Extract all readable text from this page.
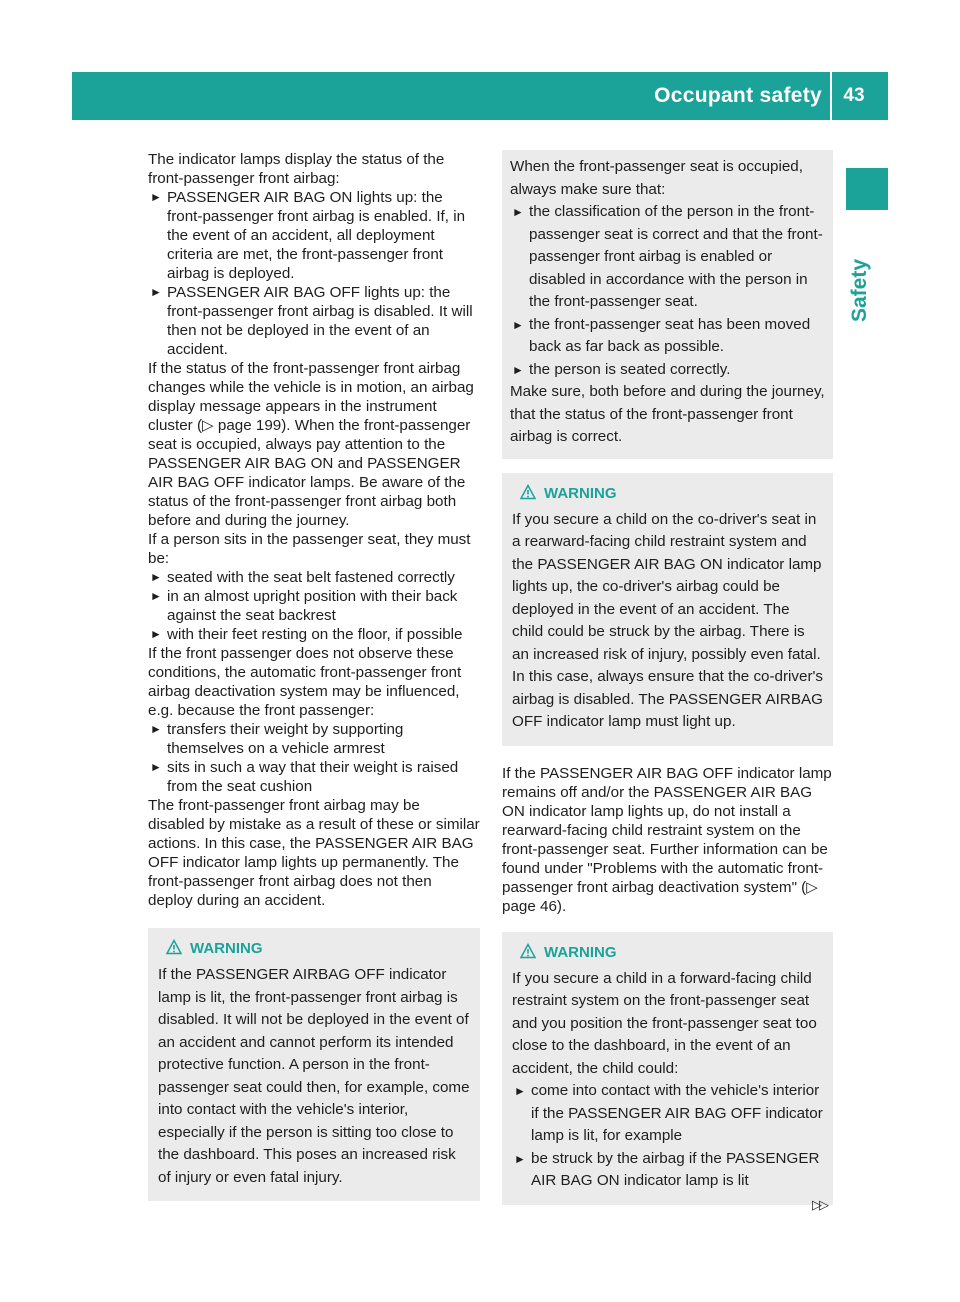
Occupant safety	43
Safety

The indicator lamps display the status of the front-passenger front airbag:

► PASSENGER AIR BAG ON lights up: the front-passenger front airbag is enabled. If, in the event of an accident, all deployment criteria are met, the front-passenger front airbag is deployed.
► PASSENGER AIR BAG OFF lights up: the front-passenger front airbag is disabled. It will then not be deployed in the event of an accident.

If the status of the front-passenger front airbag changes while the vehicle is in motion, an airbag display message appears in the instrument cluster (▷ page 199). When the front-passenger seat is occupied, always pay attention to the PASSENGER AIR BAG ON and PASSENGER AIR BAG OFF indicator lamps. Be aware of the status of the front-passenger front airbag both before and during the journey.

If a person sits in the passenger seat, they must be:

► seated with the seat belt fastened correctly
► in an almost upright position with their back against the seat backrest
► with their feet resting on the floor, if possible

If the front passenger does not observe these conditions, the automatic front-passenger front airbag deactivation system may be influenced, e.g. because the front passenger:

► transfers their weight by supporting themselves on a vehicle armrest
► sits in such a way that their weight is raised from the seat cushion

The front-passenger front airbag may be disabled by mistake as a result of these or similar actions. In this case, the PASSENGER AIR BAG OFF indicator lamp lights up permanently. The front-passenger front airbag does not then deploy during an accident.

WARNING

If the PASSENGER AIRBAG OFF indicator lamp is lit, the front-passenger front airbag is disabled. It will not be deployed in the event of an accident and cannot perform its intended protective function. A person in the front-passenger seat could then, for example, come into contact with the vehicle's interior, especially if the person is sitting too close to the dashboard. This poses an increased risk of injury or even fatal injury.

When the front-passenger seat is occupied, always make sure that:

► the classification of the person in the front-passenger seat is correct and that the front-passenger front airbag is enabled or disabled in accordance with the person in the front-passenger seat.
► the front-passenger seat has been moved back as far back as possible.
► the person is seated correctly.

Make sure, both before and during the journey, that the status of the front-passenger front airbag is correct.

WARNING

If you secure a child on the co-driver's seat in a rearward-facing child restraint system and the PASSENGER AIR BAG ON indicator lamp lights up, the co-driver's airbag could be deployed in the event of an accident. The child could be struck by the airbag. There is an increased risk of injury, possibly even fatal.

In this case, always ensure that the co-driver's airbag is disabled. The PASSENGER AIRBAG OFF indicator lamp must light up.

If the PASSENGER AIR BAG OFF indicator lamp remains off and/or the PASSENGER AIR BAG ON indicator lamp lights up, do not install a rearward-facing child restraint system on the front-passenger seat. Further information can be found under "Problems with the automatic front-passenger front airbag deactivation system" (▷ page 46).

WARNING

If you secure a child in a forward-facing child restraint system on the front-passenger seat and you position the front-passenger seat too close to the dashboard, in the event of an accident, the child could:

► come into contact with the vehicle's interior if the PASSENGER AIR BAG OFF indicator lamp is lit, for example
► be struck by the airbag if the PASSENGER AIR BAG ON indicator lamp is lit
▷▷
